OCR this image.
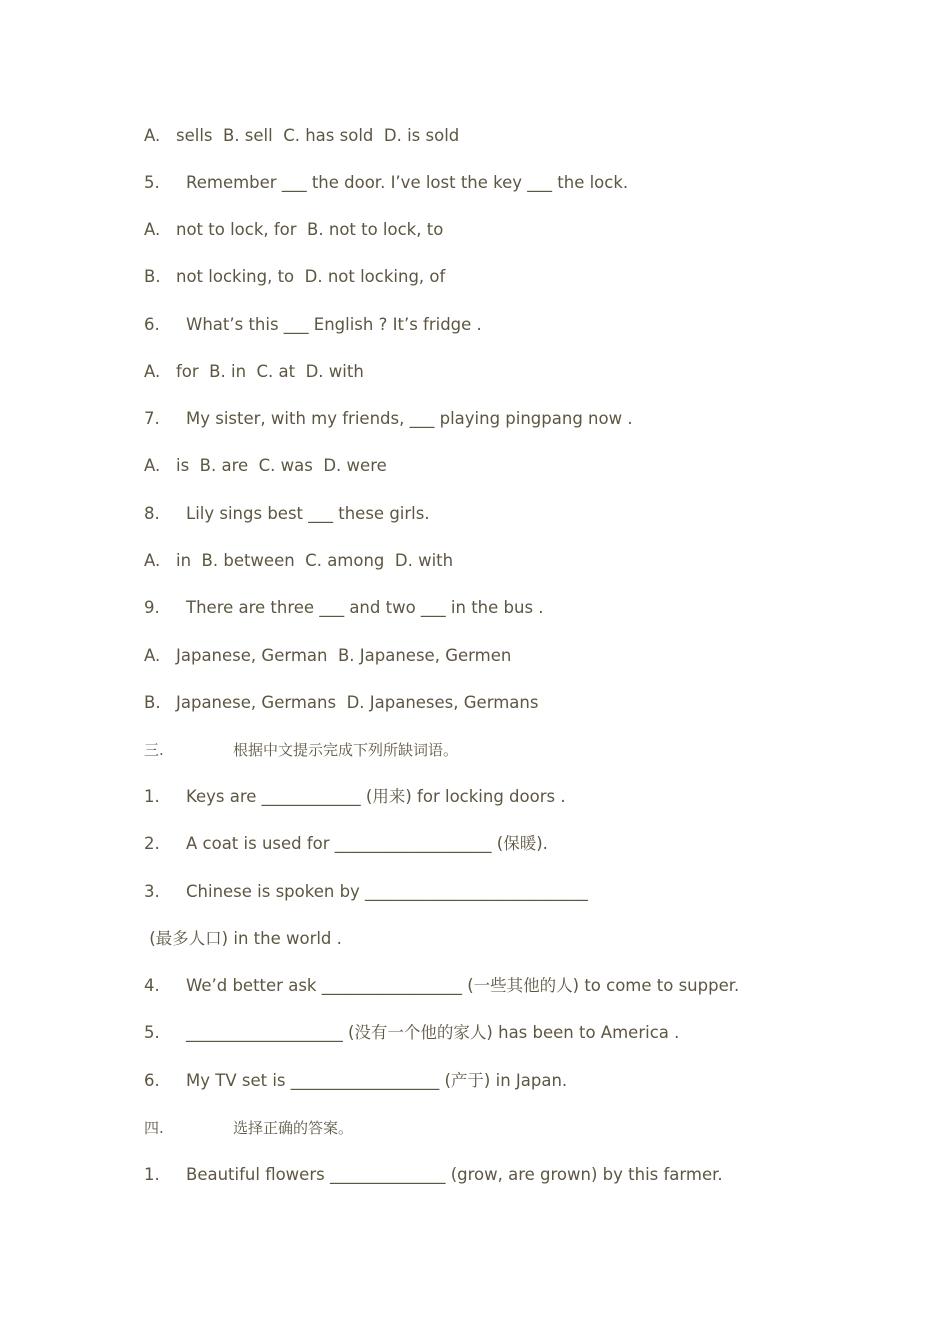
A. sells  B. sell  C. has sold  D. is sold
5. Remember ___ the door. I’ve lost the key ___ the lock.
A. not to lock, for  B. not to lock, to
B. not locking, to  D. not locking, of
6. What’s this ___ English ? It’s fridge .
A. for  B. in  C. at  D. with
7. My sister, with my friends, ___ playing pingpang now .
A. is  B. are  C. was  D. were
8. Lily sings best ___ these girls.
A. in  B. between  C. among  D. with
9. There are three ___ and two ___ in the bus .
A. Japanese, German  B. Japanese, Germen
B. Japanese, Germans  D. Japaneses, Germans
三.	根据中文提示完成下列所缺词语。
1. Keys are ____________ (用来) for locking doors .
2. A coat is used for ___________________ (保暖).
3. Chinese is spoken by ___________________________
(最多人口) in the world .
4. We’d better ask _________________ (一些其他的人) to come to supper.
5. ___________________ (没有一个他的家人) has been to America .
6. My TV set is __________________ (产于) in Japan.
四.	选择正确的答案。
1. Beautiful flowers ______________ (grow, are grown) by this farmer.
